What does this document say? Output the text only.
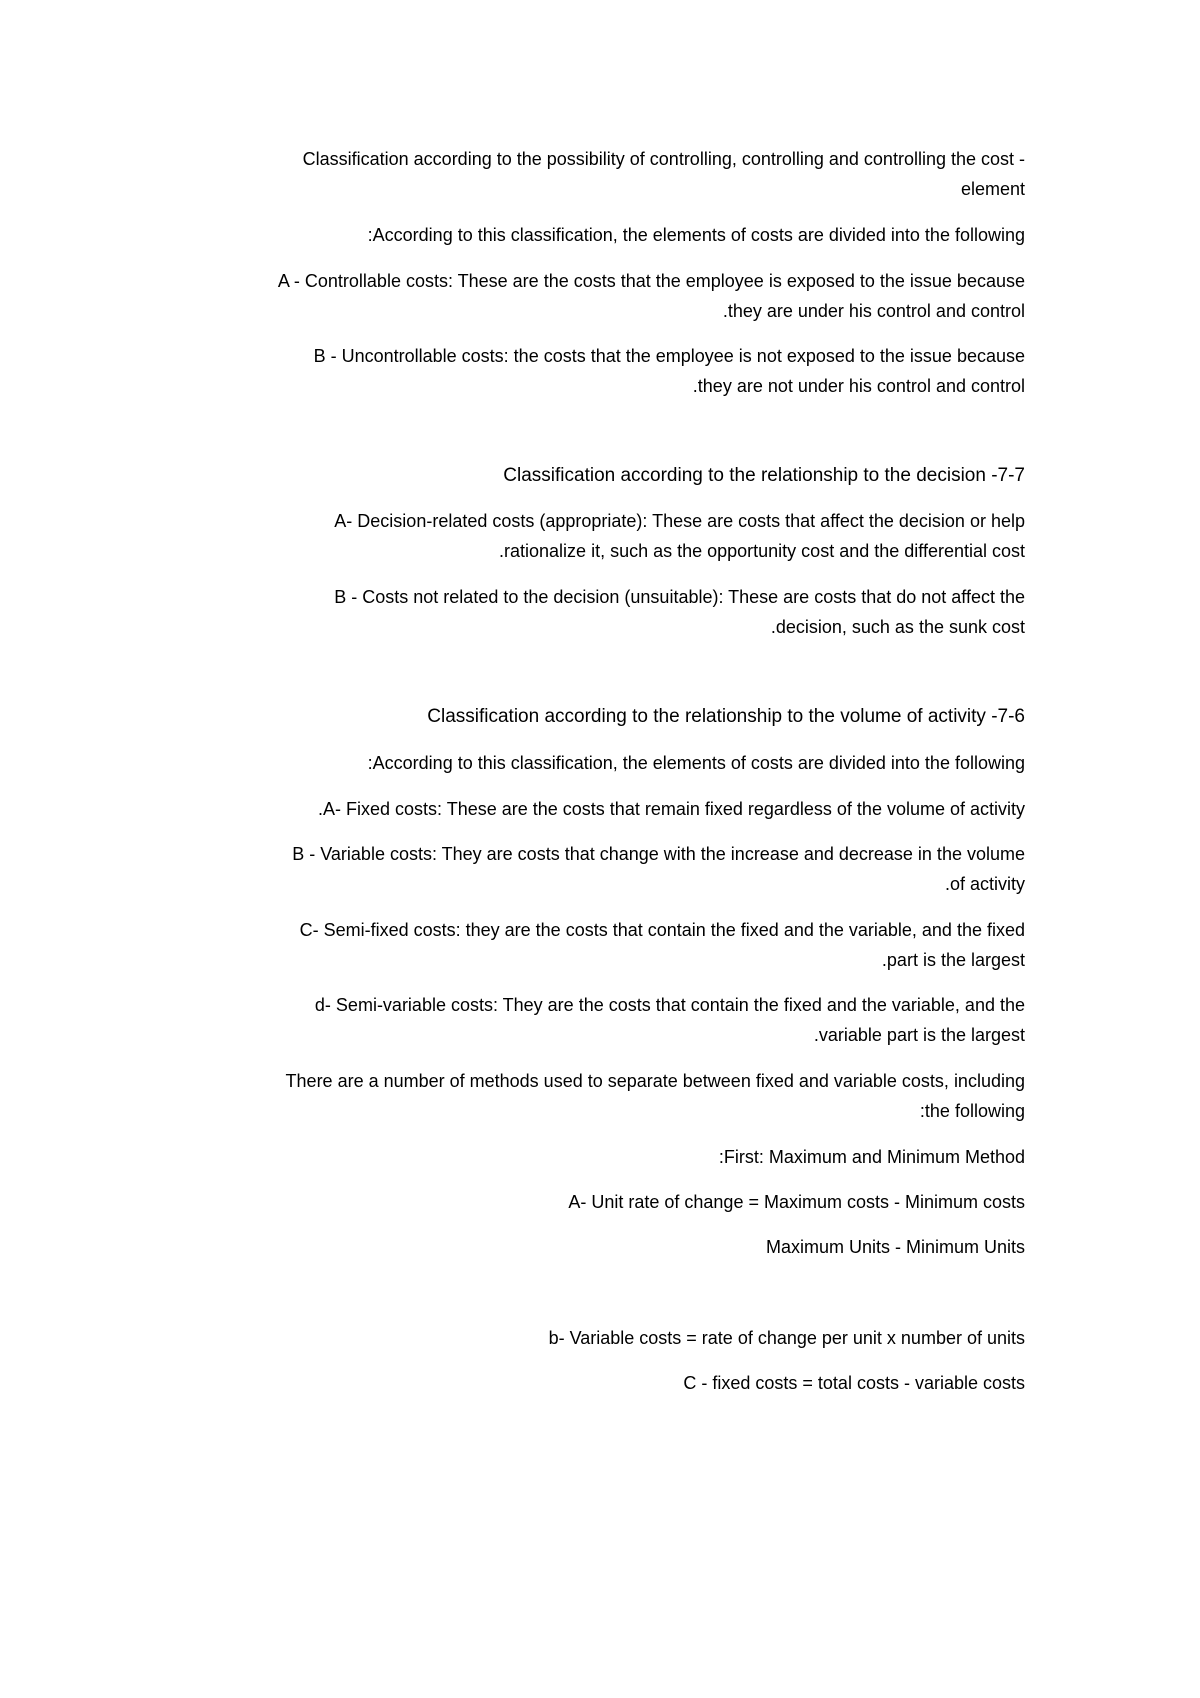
Classification according to the possibility of controlling, controlling and controlling the cost -
element
:According to this classification, the elements of costs are divided into the following
A - Controllable costs: These are the costs that the employee is exposed to the issue because
.they are under his control and control
B - Uncontrollable costs: the costs that the employee is not exposed to the issue because
.they are not under his control and control
Classification according to the relationship to the decision -7-7
A- Decision-related costs (appropriate): These are costs that affect the decision or help
.rationalize it, such as the opportunity cost and the differential cost
B - Costs not related to the decision (unsuitable): These are costs that do not affect the
.decision, such as the sunk cost
Classification according to the relationship to the volume of activity -7-6
:According to this classification, the elements of costs are divided into the following
.A- Fixed costs: These are the costs that remain fixed regardless of the volume of activity
B - Variable costs: They are costs that change with the increase and decrease in the volume
.of activity
C- Semi-fixed costs: they are the costs that contain the fixed and the variable, and the fixed
.part is the largest
d- Semi-variable costs: They are the costs that contain the fixed and the variable, and the
.variable part is the largest
There are a number of methods used to separate between fixed and variable costs, including
:the following
:First: Maximum and Minimum Method
A- Unit rate of change = Maximum costs - Minimum costs
Maximum Units - Minimum Units
b- Variable costs = rate of change per unit x number of units
C - fixed costs = total costs - variable costs
